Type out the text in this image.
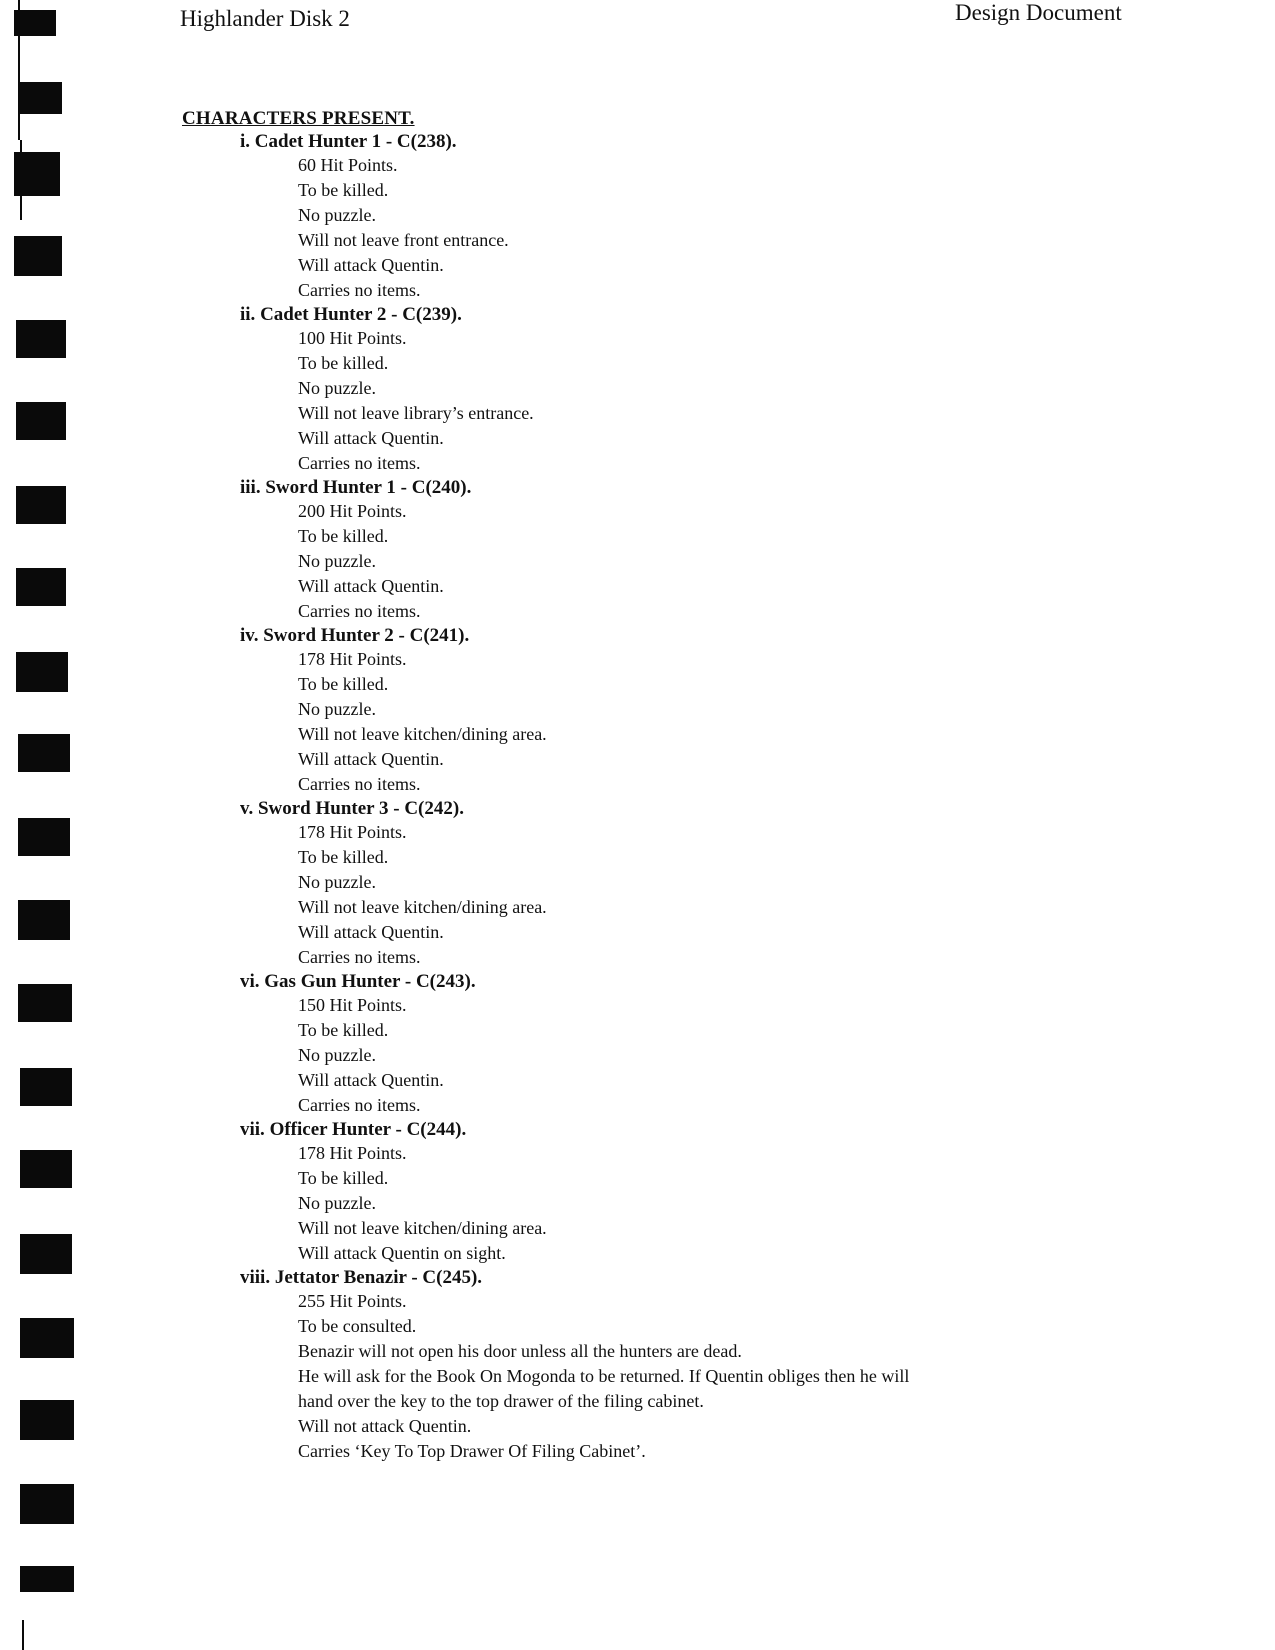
Highlander Disk 2	Design Document
CHARACTERS PRESENT.
i. Cadet Hunter 1 - C(238).
60 Hit Points.
To be killed.
No puzzle.
Will not leave front entrance.
Will attack Quentin.
Carries no items.
ii. Cadet Hunter 2 - C(239).
100 Hit Points.
To be killed.
No puzzle.
Will not leave library’s entrance.
Will attack Quentin.
Carries no items.
iii. Sword Hunter 1 - C(240).
200 Hit Points.
To be killed.
No puzzle.
Will attack Quentin.
Carries no items.
iv. Sword Hunter 2 - C(241).
178 Hit Points.
To be killed.
No puzzle.
Will not leave kitchen/dining area.
Will attack Quentin.
Carries no items.
v. Sword Hunter 3 - C(242).
178 Hit Points.
To be killed.
No puzzle.
Will not leave kitchen/dining area.
Will attack Quentin.
Carries no items.
vi. Gas Gun Hunter - C(243).
150 Hit Points.
To be killed.
No puzzle.
Will attack Quentin.
Carries no items.
vii. Officer Hunter - C(244).
178 Hit Points.
To be killed.
No puzzle.
Will not leave kitchen/dining area.
Will attack Quentin on sight.
viii. Jettator Benazir - C(245).
255 Hit Points.
To be consulted.
Benazir will not open his door unless all the hunters are dead.
He will ask for the Book On Mogonda to be returned. If Quentin obliges then he will
hand over the key to the top drawer of the filing cabinet.
Will not attack Quentin.
Carries ‘Key To Top Drawer Of Filing Cabinet’.
